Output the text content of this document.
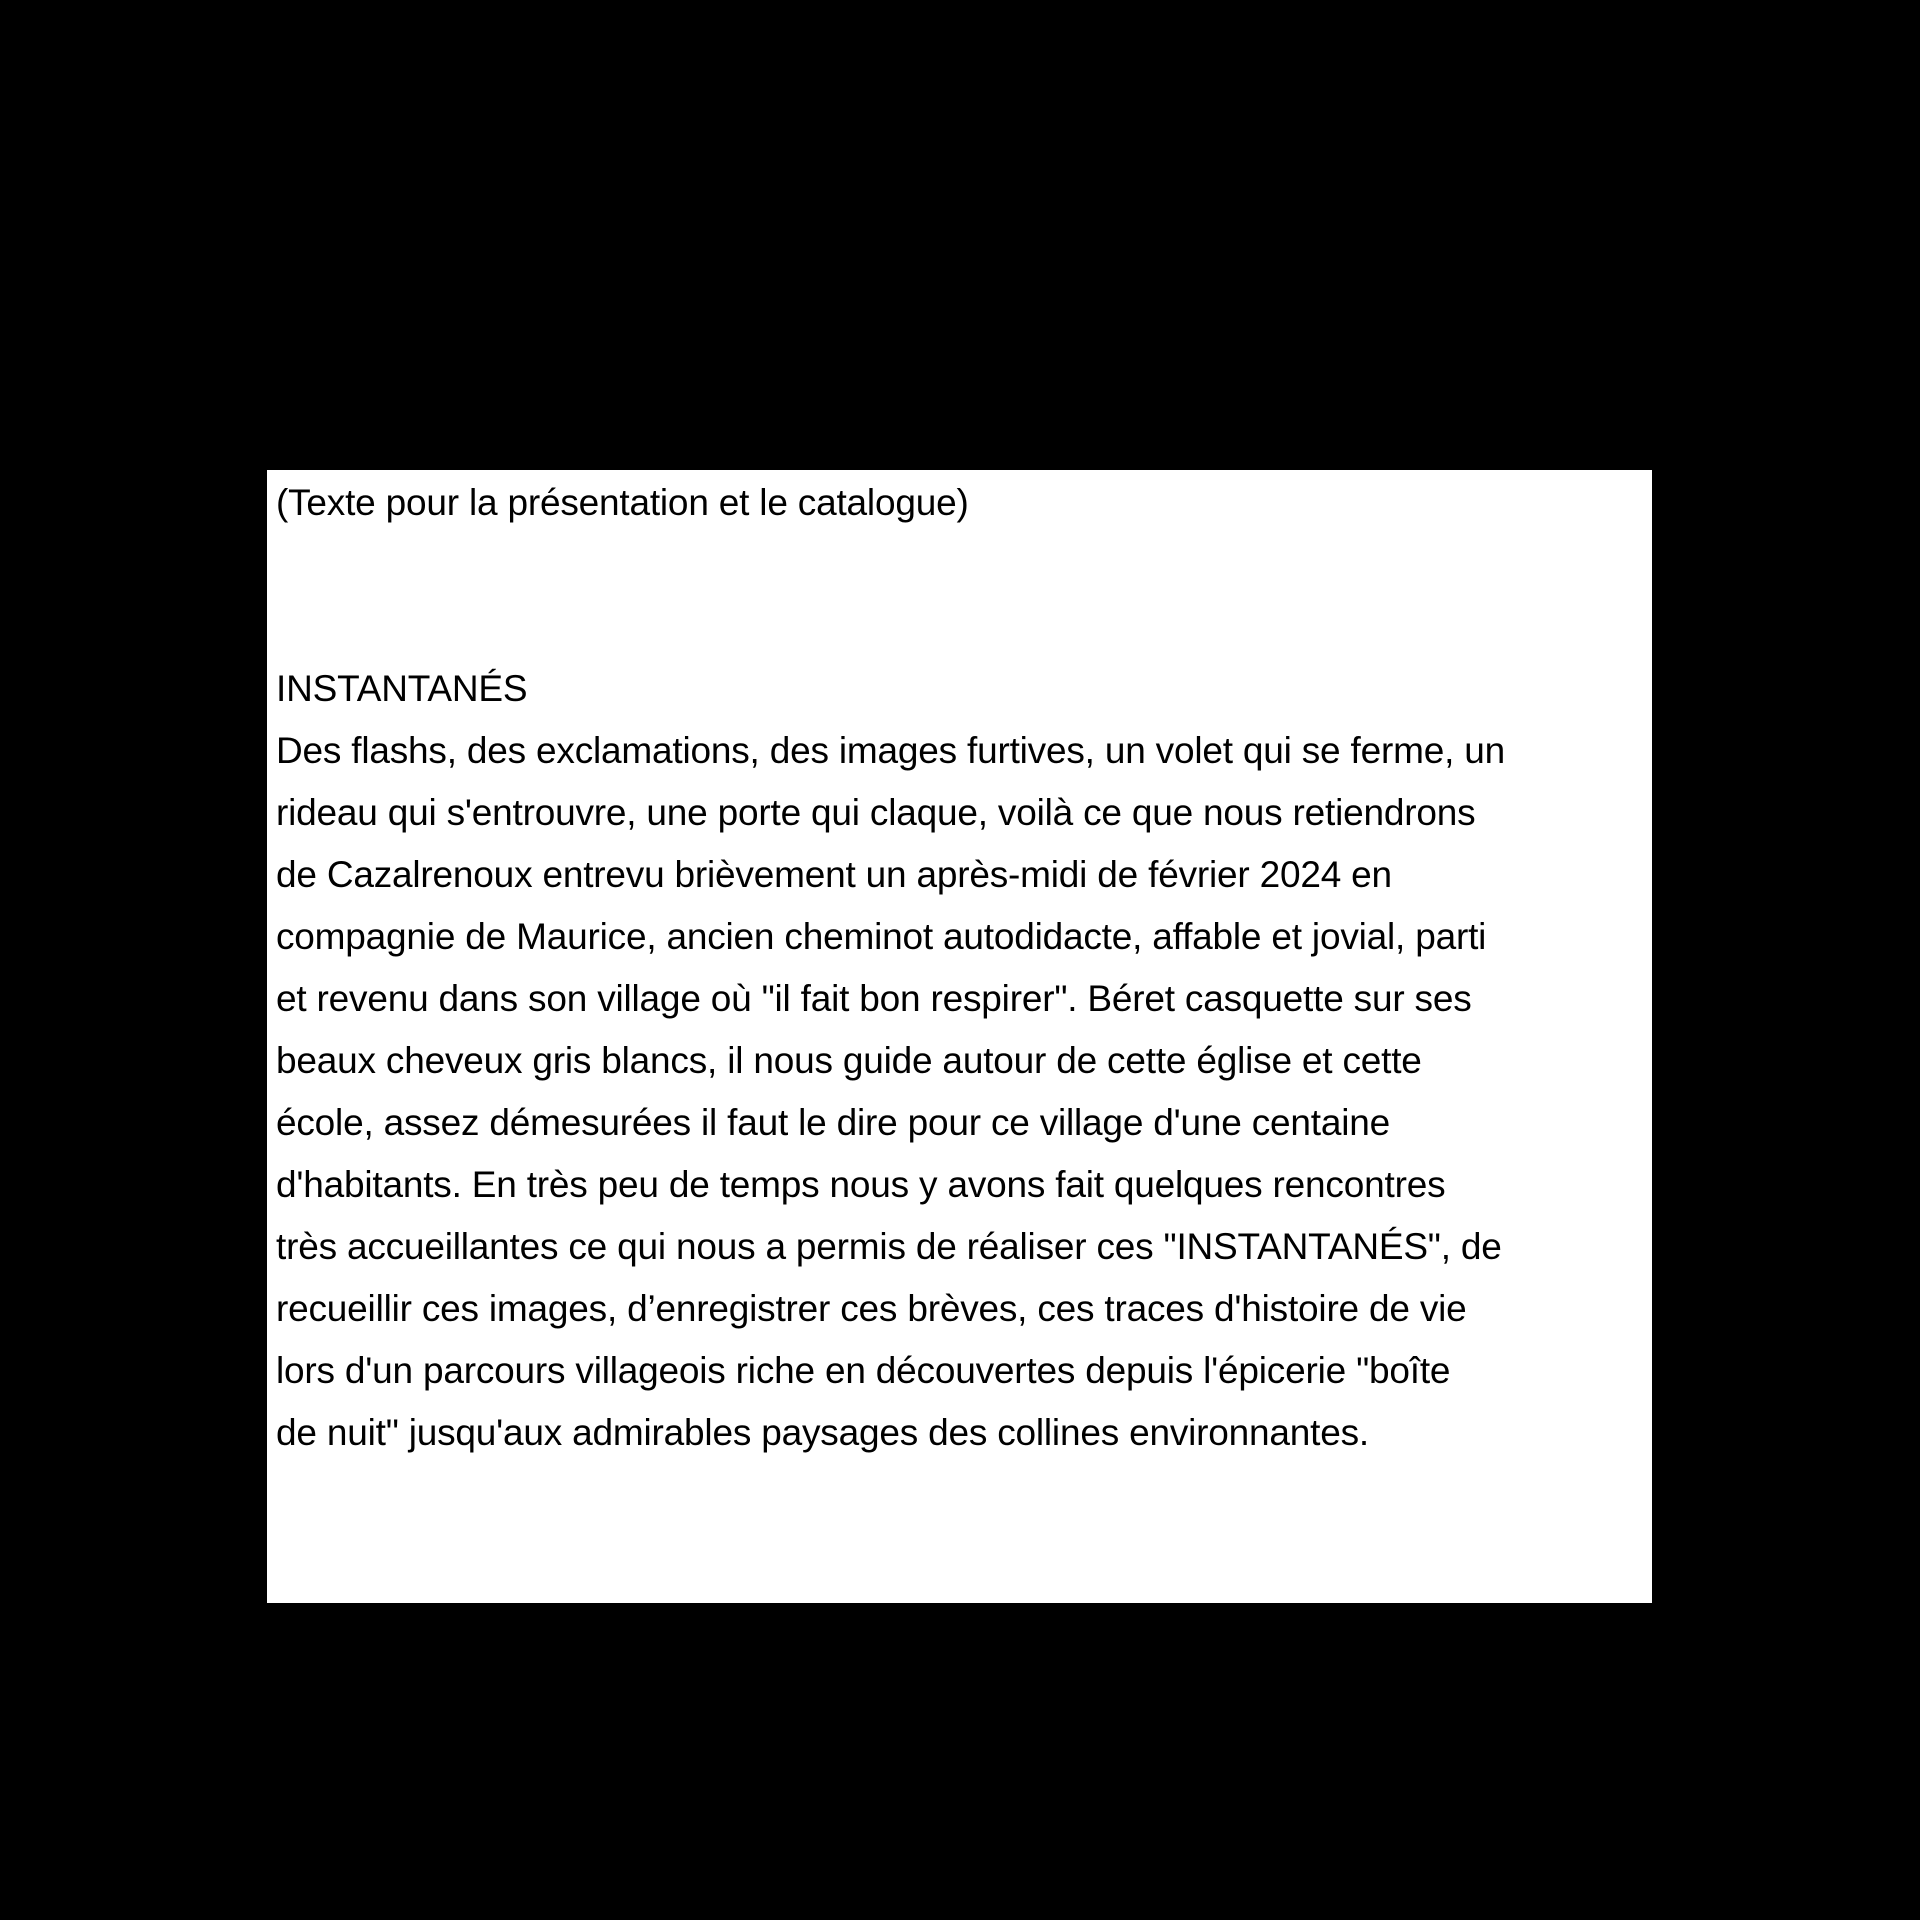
(Texte pour la présentation et le catalogue)

INSTANTANÉS

Des flashs, des exclamations, des images furtives, un volet qui se ferme, un
rideau qui s'entrouvre, une porte qui claque, voilà ce que nous retiendrons
de Cazalrenoux entrevu brièvement un après-midi de février 2024 en
compagnie de Maurice, ancien cheminot autodidacte, affable et jovial, parti
et revenu dans son village où "il fait bon respirer". Béret casquette sur ses
beaux cheveux gris blancs, il nous guide autour de cette église et cette
école, assez démesurées il faut le dire pour ce village d'une centaine
d'habitants. En très peu de temps nous y avons fait quelques rencontres
très accueillantes ce qui nous a permis de réaliser ces "INSTANTANÉS", de
recueillir ces images, d’enregistrer ces brèves, ces traces d'histoire de vie
lors d'un parcours villageois riche en découvertes depuis l'épicerie "boîte
de nuit" jusqu'aux admirables paysages des collines environnantes.
